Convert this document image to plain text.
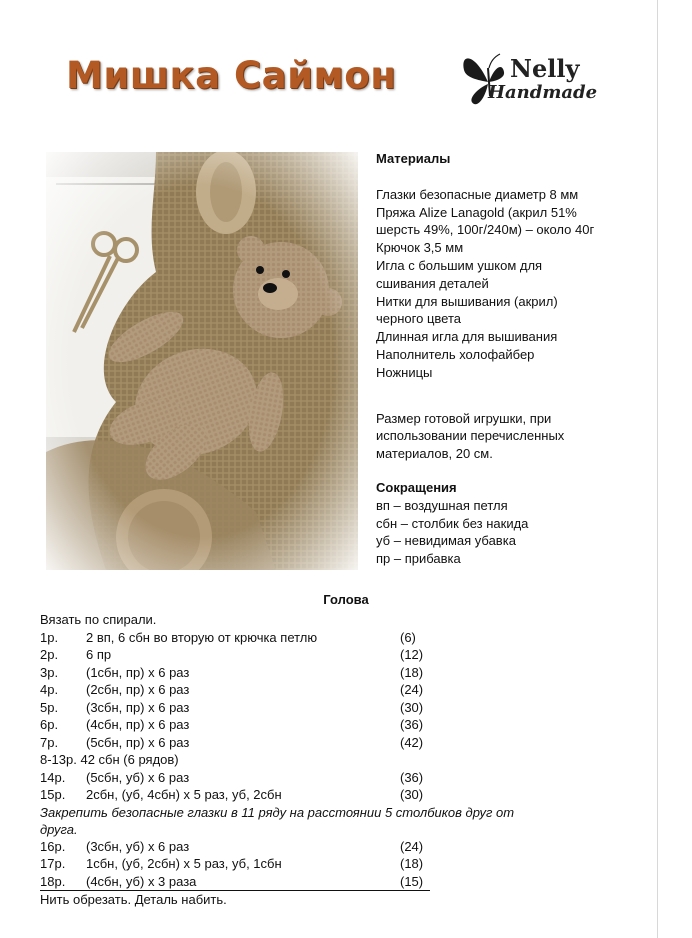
Мишка Саймон	Nelly
Handmade
Материалы
Глазки безопасные диаметр 8 мм
Пряжа Alize Lanagold (акрил 51%
шерсть 49%, 100г/240м) – около 40г
Крючок 3,5 мм
Игла с большим ушком для
сшивания деталей
Нитки для вышивания (акрил)
черного цвета
Длинная игла для вышивания
Наполнитель холофайбер
Ножницы
Размер готовой игрушки, при
использовании перечисленных
материалов, 20 см.
Сокращения
вп – воздушная петля
сбн – столбик без накида
уб – невидимая убавка
пр – прибавка
Голова
Вязать по спирали.
1р. 2 вп, 6 сбн во вторую от крючка петлю	(6)
2р. 6 пр	(12)
3р. (1сбн, пр) х 6 раз	(18)
4р. (2сбн, пр) х 6 раз	(24)
5р. (3сбн, пр) х 6 раз	(30)
6р. (4сбн, пр) х 6 раз	(36)
7р. (5сбн, пр) х 6 раз	(42)
8-13р. 42 сбн (6 рядов)
14р. (5сбн, уб) х 6 раз	(36)
15р. 2сбн, (уб, 4сбн) х 5 раз, уб, 2сбн	(30)
Закрепить безопасные глазки в 11 ряду на расстоянии 5 столбиков друг от
друга.
16р. (3сбн, уб) х 6 раз	(24)
17р. 1сбн, (уб, 2сбн) х 5 раз, уб, 1сбн	(18)
18р. (4сбн, уб) х 3 раза	(15)
Нить обрезать. Деталь набить.
